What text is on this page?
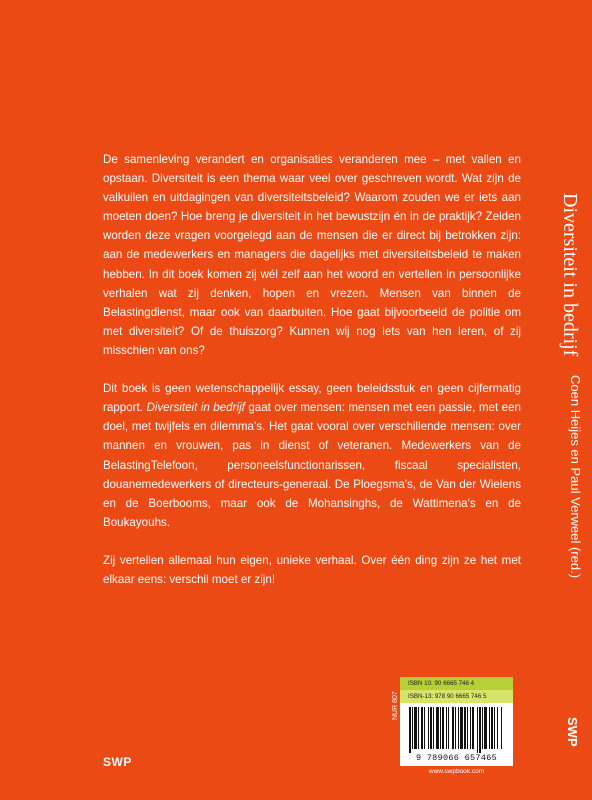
De samenleving verandert en organisaties veranderen mee – met vallen en opstaan. Diversiteit is een thema waar veel over geschreven wordt. Wat zijn de valkuilen en uitdagingen van diversiteitsbeleid? Waarom zouden we er iets aan moeten doen? Hoe breng je diversiteit in het bewustzijn én in de praktijk? Zelden worden deze vragen voorgelegd aan de mensen die er direct bij betrokken zijn: aan de medewerkers en managers die dagelijks met diversiteitsbeleid te maken hebben. In dit boek komen zij wél zelf aan het woord en vertellen in persoonlijke verhalen wat zij denken, hopen en vrezen. Mensen van binnen de Belastingdienst, maar ook van daarbuiten. Hoe gaat bijvoorbeeld de politie om met diversiteit? Of de thuiszorg? Kunnen wij nog iets van hen leren, of zij misschien van ons?

Dit boek is geen wetenschappelijk essay, geen beleidsstuk en geen cijfermatig rapport. Diversiteit in bedrijf gaat over mensen: mensen met een passie, met een doel, met twijfels en dilemma's. Het gaat vooral over verschillende mensen: over mannen en vrouwen, pas in dienst of veteranen. Medewerkers van de BelastingTelefoon, personeelsfunctionarissen, fiscaal specialisten, douanemedewerkers of directeurs-generaal. De Ploegsma's, de Van der Wielens en de Boerbooms, maar ook de Mohansinghs, de Wattimena's en de Boukayouhs.

Zij vertellen allemaal hun eigen, unieke verhaal. Over één ding zijn ze het met elkaar eens: verschil moet er zijn!

Diversiteit in bedrijf
Coen Heijes en Paul Verweel (red.)
SWP
SWP
NUR 807
ISBN 10: 90 6665 746 4
ISBN-13: 978 90 6665 746 5
9 789066 657465
www.swpbook.com
